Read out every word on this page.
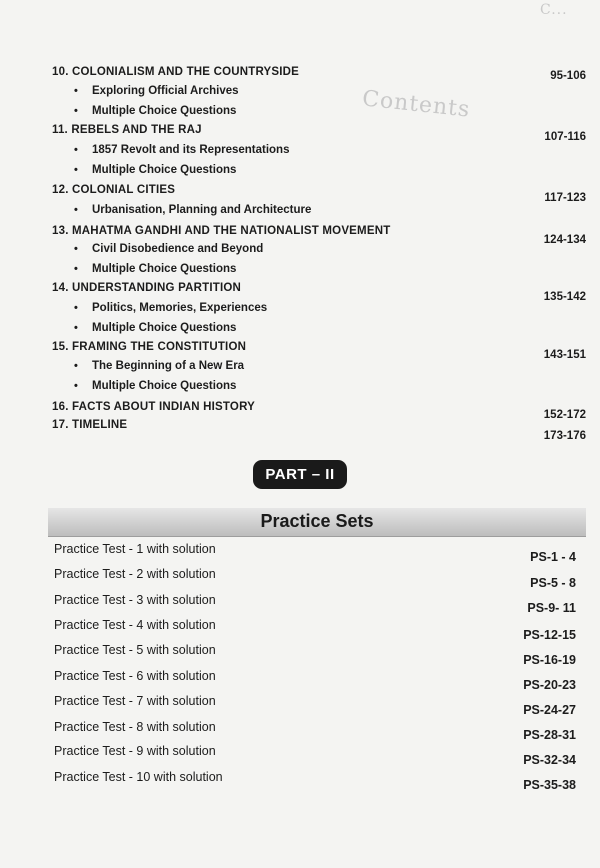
Contents
C...
10. COLONIALISM AND THE COUNTRYSIDE	95-106
• Exploring Official Archives
• Multiple Choice Questions
11. REBELS AND THE RAJ
107-116
• 1857 Revolt and its Representations
• Multiple Choice Questions
12. COLONIAL CITIES
117-123
• Urbanisation, Planning and Architecture
13. MAHATMA GANDHI AND THE NATIONALIST MOVEMENT
124-134
• Civil Disobedience and Beyond
• Multiple Choice Questions
14. UNDERSTANDING PARTITION
135-142
• Politics, Memories, Experiences
• Multiple Choice Questions
15. FRAMING THE CONSTITUTION
143-151
• The Beginning of a New Era
• Multiple Choice Questions
16. FACTS ABOUT INDIAN HISTORY
152-172
17. TIMELINE
173-176
PART – II
Practice Sets
Practice Test - 1 with solution
PS-1 - 4
Practice Test - 2 with solution
PS-5 - 8
Practice Test - 3 with solution
PS-9- 11
Practice Test - 4 with solution
PS-12-15
Practice Test - 5 with solution
PS-16-19
Practice Test - 6 with solution
PS-20-23
Practice Test - 7 with solution
PS-24-27
Practice Test - 8 with solution
PS-28-31
Practice Test - 9 with solution
PS-32-34
Practice Test - 10 with solution
PS-35-38
